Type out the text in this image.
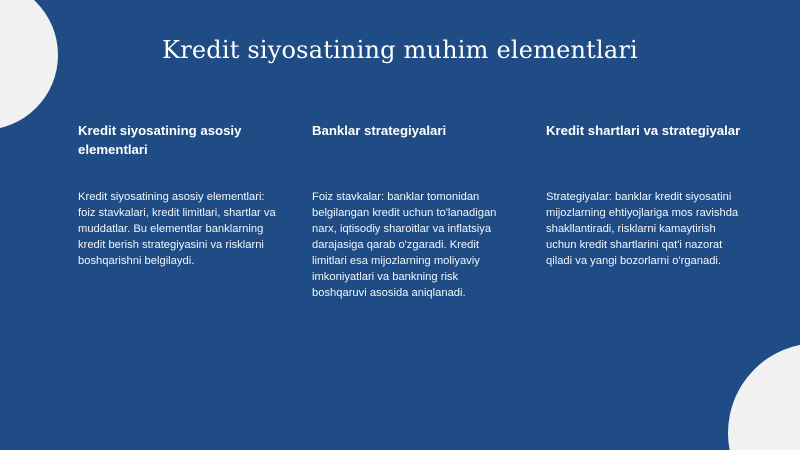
Kredit siyosatining muhim elementlari
Kredit siyosatining asosiy elementlari

Kredit siyosatining asosiy elementlari: foiz stavkalari, kredit limitlari, shartlar va muddatlar. Bu elementlar banklarning kredit berish strategiyasini va risklarni boshqarishni belgilaydi.

Banklar strategiyalari

Foiz stavkalar: banklar tomonidan belgilangan kredit uchun to'lanadigan narx, iqtisodiy sharoitlar va inflatsiya darajasiga qarab o'zgaradi. Kredit limitlari esa mijozlarning moliyaviy imkoniyatlari va bankning risk boshqaruvi asosida aniqlanadi.

Kredit shartlari va strategiyalar

Strategiyalar: banklar kredit siyosatini mijozlarning ehtiyojlariga mos ravishda shakllantiradi, risklarni kamaytirish uchun kredit shartlarini qat'i nazorat qiladi va yangi bozorlarni o'rganadi.
